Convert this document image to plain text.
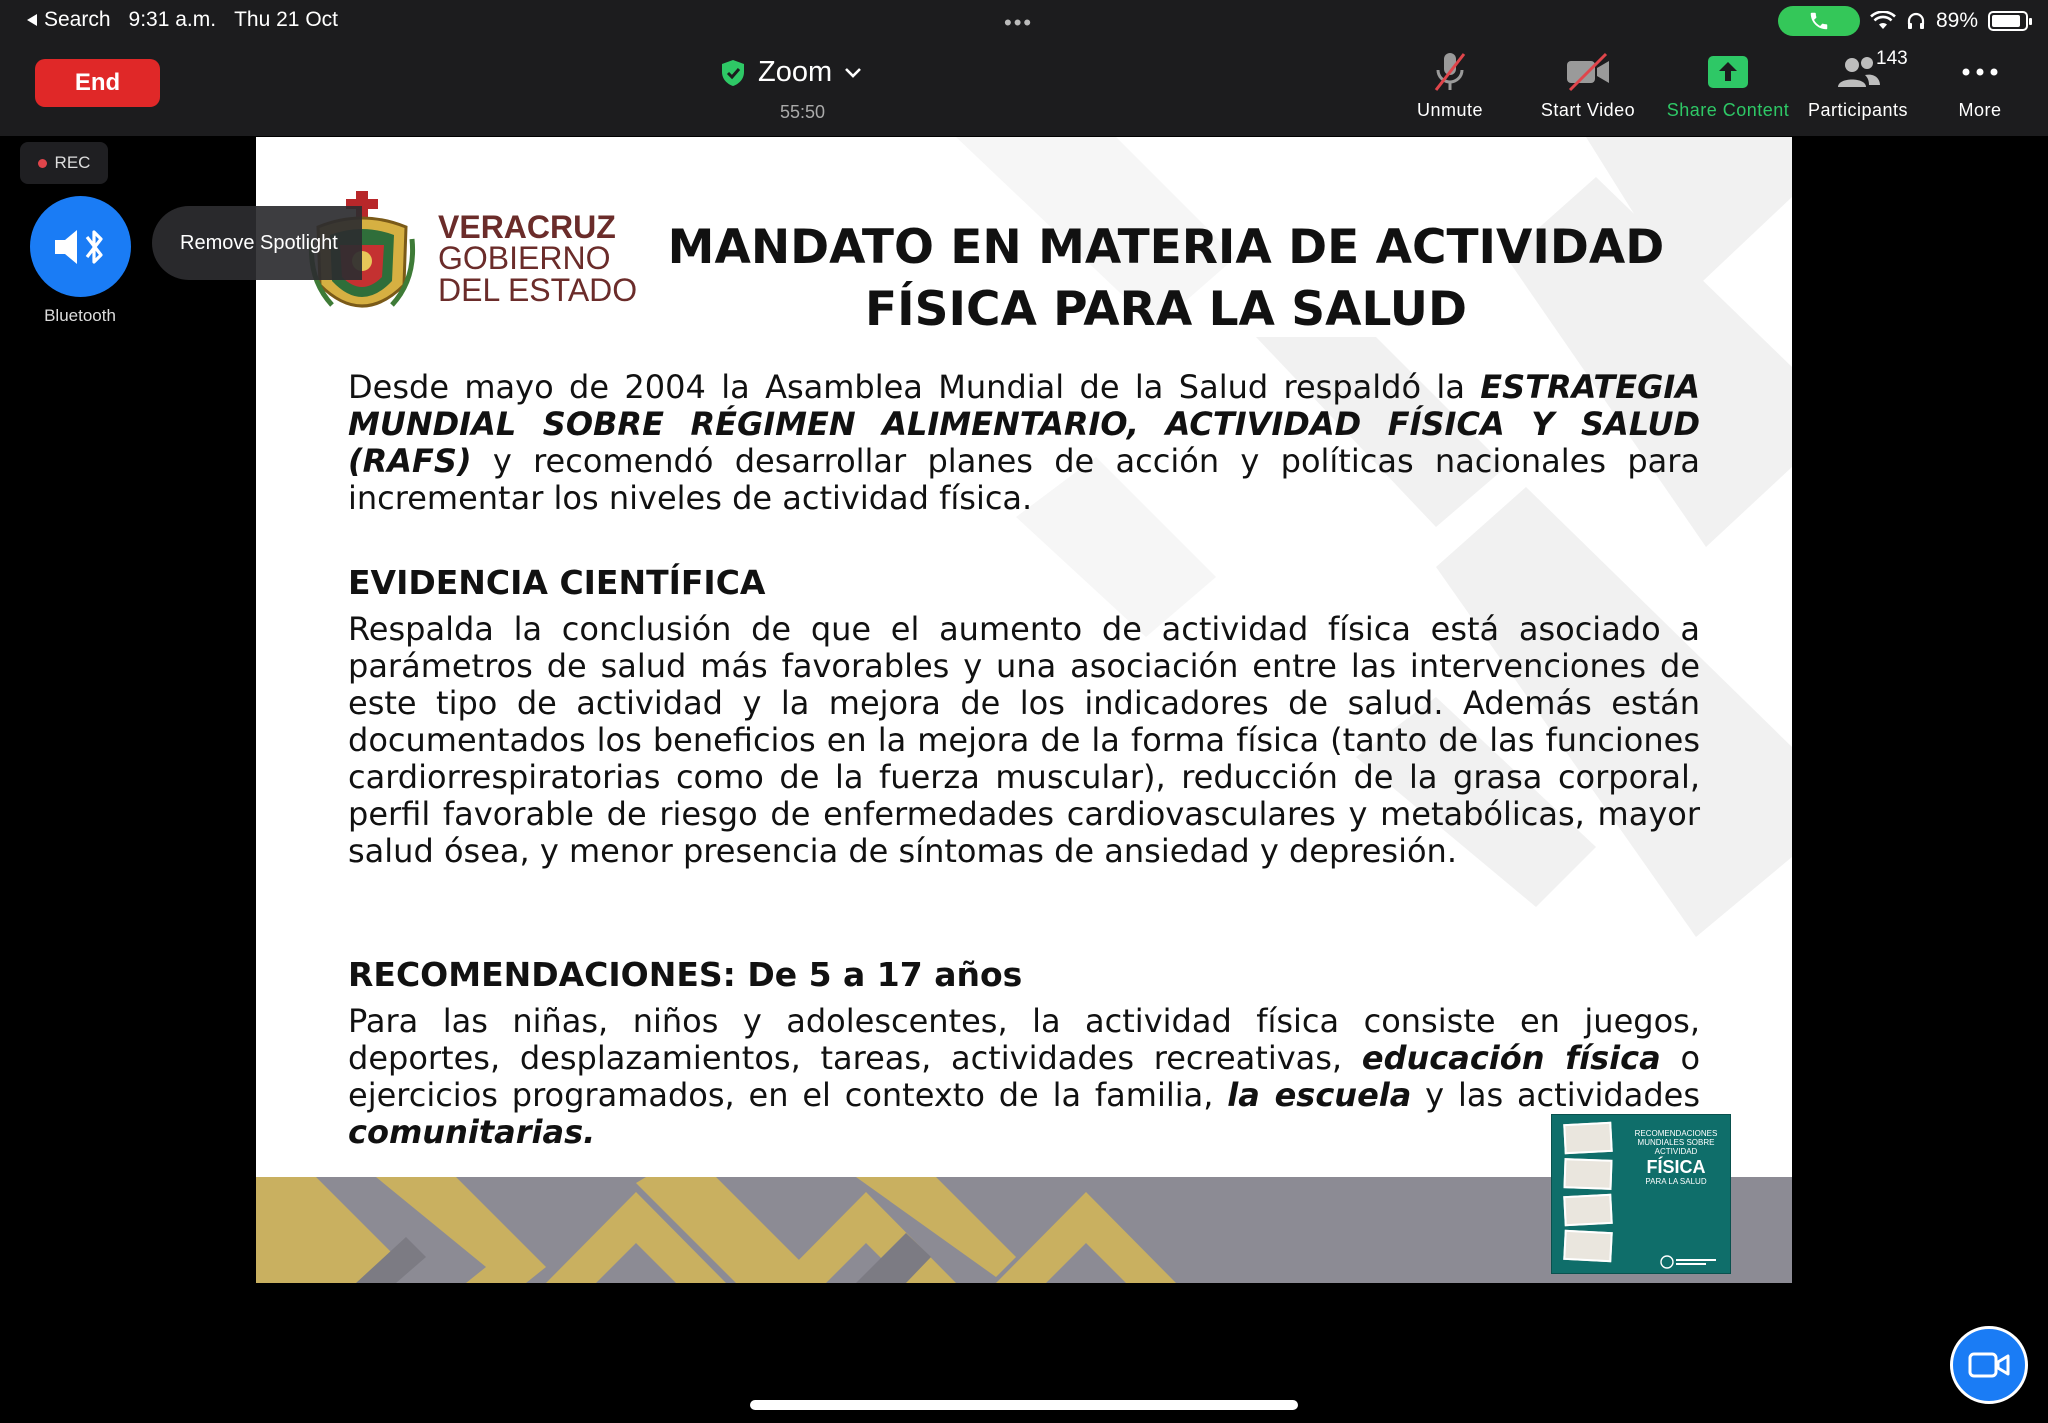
Search 9:31 a.m. Thu 21 Oct	•••	89%
End	Zoom
55:50	Unmute	Start Video Share Content Participants
143
More
REC
Bluetooth
Remove Spotlight	VERACRUZ
GOBIERNO
DEL ESTADO
MANDATO EN MATERIA DE ACTIVIDAD
FÍSICA PARA LA SALUD

Desde mayo de 2004 la Asamblea Mundial de la Salud respaldó la ESTRATEGIA MUNDIAL SOBRE RÉGIMEN ALIMENTARIO, ACTIVIDAD FÍSICA Y SALUD (RAFS) y recomendó desarrollar planes de acción y políticas nacionales para incrementar los niveles de actividad física.

EVIDENCIA CIENTÍFICA

Respalda la conclusión de que el aumento de actividad física está asociado a parámetros de salud más favorables y una asociación entre las intervenciones de este tipo de actividad y la mejora de los indicadores de salud. Además están documentados los beneficios en la mejora de la forma física (tanto de las funciones cardiorrespiratorias como de la fuerza muscular), reducción de la grasa corporal, perfil favorable de riesgo de enfermedades cardiovasculares y metabólicas, mayor salud ósea, y menor presencia de síntomas de ansiedad y depresión.

RECOMENDACIONES: De 5 a 17 años

Para las niñas, niños y adolescentes, la actividad física consiste en juegos, deportes, desplazamientos, tareas, actividades recreativas, educación física o ejercicios programados, en el contexto de la familia, la escuela y las actividades comunitarias.	RECOMENDACIONES MUNDIALES SOBRE ACTIVIDAD
FÍSICA
PARA LA SALUD
